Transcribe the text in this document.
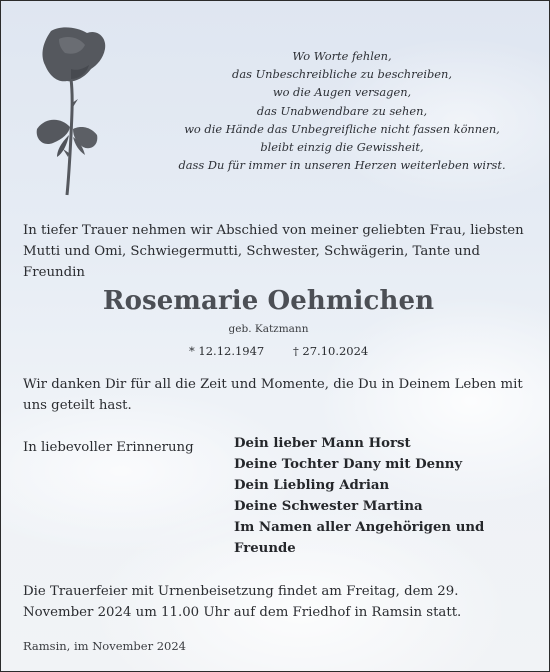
Wo Worte fehlen,
das Unbeschreibliche zu beschreiben,
wo die Augen versagen,
das Unabwendbare zu sehen,
wo die Hände das Unbegreifliche nicht fassen können,
bleibt einzig die Gewissheit,
dass Du für immer in unseren Herzen weiterleben wirst.
In tiefer Trauer nehmen wir Abschied von meiner geliebten Frau, liebsten Mutti und Omi, Schwiegermutti, Schwester, Schwägerin, Tante und Freundin
Rosemarie Oehmichen
geb. Katzmann
* 12.12.1947	† 27.10.2024
Wir danken Dir für all die Zeit und Momente, die Du in Deinem Leben mit uns geteilt hast.
In liebevoller Erinnerung	Dein lieber Mann Horst
Deine Tochter Dany mit Denny
Dein Liebling Adrian
Deine Schwester Martina
Im Namen aller Angehörigen und
Freunde
Die Trauerfeier mit Urnenbeisetzung findet am Freitag, dem 29. November 2024 um 11.00 Uhr auf dem Friedhof in Ramsin statt.
Ramsin, im November 2024
